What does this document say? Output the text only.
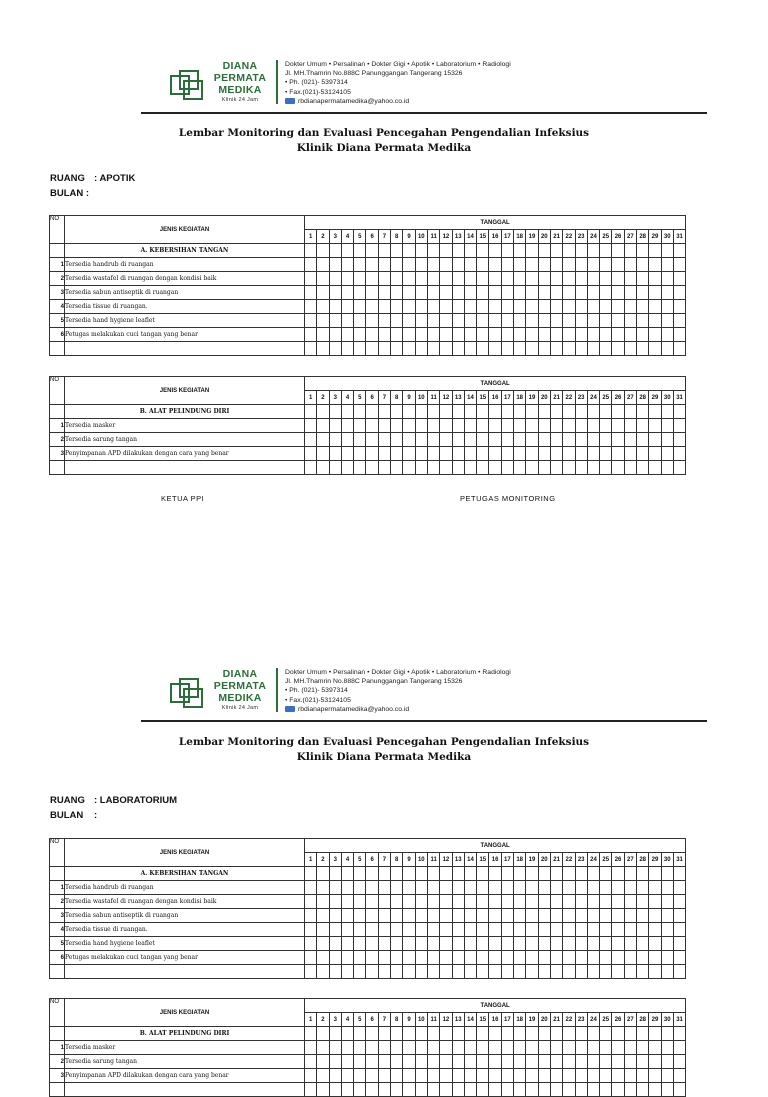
DIANA
PERMATA
MEDIKA
Klinik 24 Jam
Dokter Umum • Persalinan • Dokter Gigi • Apotik • Laboratorium • Radiologi
Jl. MH.Thamrin No.888C Panunggangan Tangerang 15326
• Ph. (021)- 5397314
• Fax.(021)-53124105
rbdianapermatamedika@yahoo.co.id
Lembar Monitoring dan Evaluasi Pencegahan Pengendalian Infeksius
Klinik Diana Permata Medika
RUANG : APOTIK
BULAN :
NO	JENIS KEGIATAN	TANGGAL																														
		1	2	3	4	5	6	7	8	9	10	11	12	13	14	15	16	17	18	19	20	21	22	23	24	25	26	27	28	29	30	31
	A. KEBERSIHAN TANGAN																															
1	Tersedia handrub di ruangan																															
2	Tersedia wastafel di ruangan dengan kondisi baik																															
3	Tersedia sabun antiseptik di ruangan																															
4	Tersedia tissue di ruangan.																															
5	Tersedia hand hygiene leaflet																															
6	Petugas melakukan cuci tangan yang benar																															

NO	JENIS KEGIATAN	TANGGAL																														
		1	2	3	4	5	6	7	8	9	10	11	12	13	14	15	16	17	18	19	20	21	22	23	24	25	26	27	28	29	30	31
	B. ALAT PELINDUNG DIRI																															
1	Tersedia masker																															
2	Tersedia sarung tangan																															
3	Penyimpanan APD dilakukan dengan cara yang benar																															

KETUA PPI	PETUGAS MONITORING
DIANA
PERMATA
MEDIKA
Klinik 24 Jam
Dokter Umum • Persalinan • Dokter Gigi • Apotik • Laboratorium • Radiologi
Jl. MH.Thamrin No.888C Panunggangan Tangerang 15326
• Ph. (021)- 5397314
• Fax.(021)-53124105
rbdianapermatamedika@yahoo.co.id
Lembar Monitoring dan Evaluasi Pencegahan Pengendalian Infeksius
Klinik Diana Permata Medika
RUANG : LABORATORIUM
BULAN :
NO	JENIS KEGIATAN	TANGGAL																														
		1	2	3	4	5	6	7	8	9	10	11	12	13	14	15	16	17	18	19	20	21	22	23	24	25	26	27	28	29	30	31
	A. KEBERSIHAN TANGAN																															
1	Tersedia handrub di ruangan																															
2	Tersedia wastafel di ruangan dengan kondisi baik																															
3	Tersedia sabun antiseptik di ruangan																															
4	Tersedia tissue di ruangan.																															
5	Tersedia hand hygiene leaflet																															
6	Petugas melakukan cuci tangan yang benar																															

NO	JENIS KEGIATAN	TANGGAL																														
		1	2	3	4	5	6	7	8	9	10	11	12	13	14	15	16	17	18	19	20	21	22	23	24	25	26	27	28	29	30	31
	B. ALAT PELINDUNG DIRI																															
1	Tersedia masker																															
2	Tersedia sarung tangan																															
3	Penyimpanan APD dilakukan dengan cara yang benar																															
